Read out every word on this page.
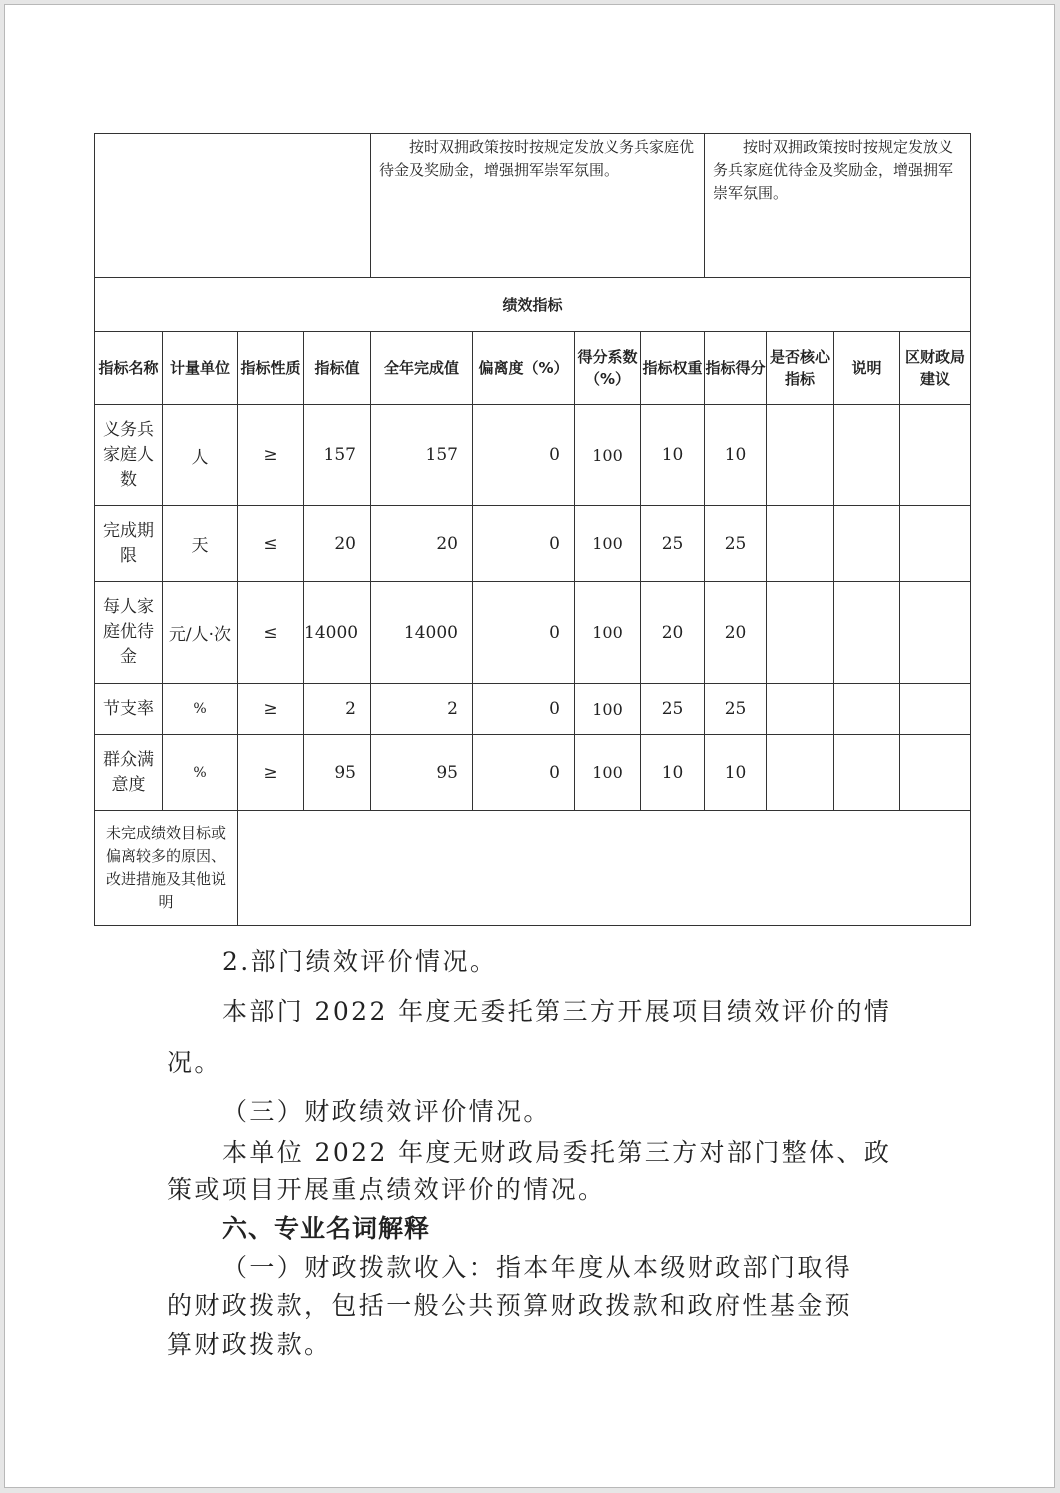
				按时双拥政策按时按规定发放义务兵家庭优待金及奖励金，增强拥军崇军氛围。				按时双拥政策按时按规定发放义务兵家庭优待金及奖励金，增强拥军崇军氛围。			

绩效指标											
指标名称	计量单位	指标性质	指标值	全年完成值	偏离度（%）	得分系数（%）	指标权重	指标得分	是否核心指标	说明	区财政局建议
义务兵家庭人数	人	≥	157	157	0	100	10	10			
完成期限	天	≤	20	20	0	100	25	25			
每人家庭优待金	元/人·次	≤	14000	14000	0	100	20	20			
节支率	%	≥	2	2	0	100	25	25			
群众满意度	%	≥	95	95	0	100	10	10			
未完成绩效目标或偏离较多的原因、改进措施及其他说明											

2.部门绩效评价情况。

本部门 2022 年度无委托第三方开展项目绩效评价的情

况。

（三）财政绩效评价情况。

本单位 2022 年度无财政局委托第三方对部门整体、政

策或项目开展重点绩效评价的情况。

六、专业名词解释

（一）财政拨款收入：指本年度从本级财政部门取得

的财政拨款，包括一般公共预算财政拨款和政府性基金预

算财政拨款。
